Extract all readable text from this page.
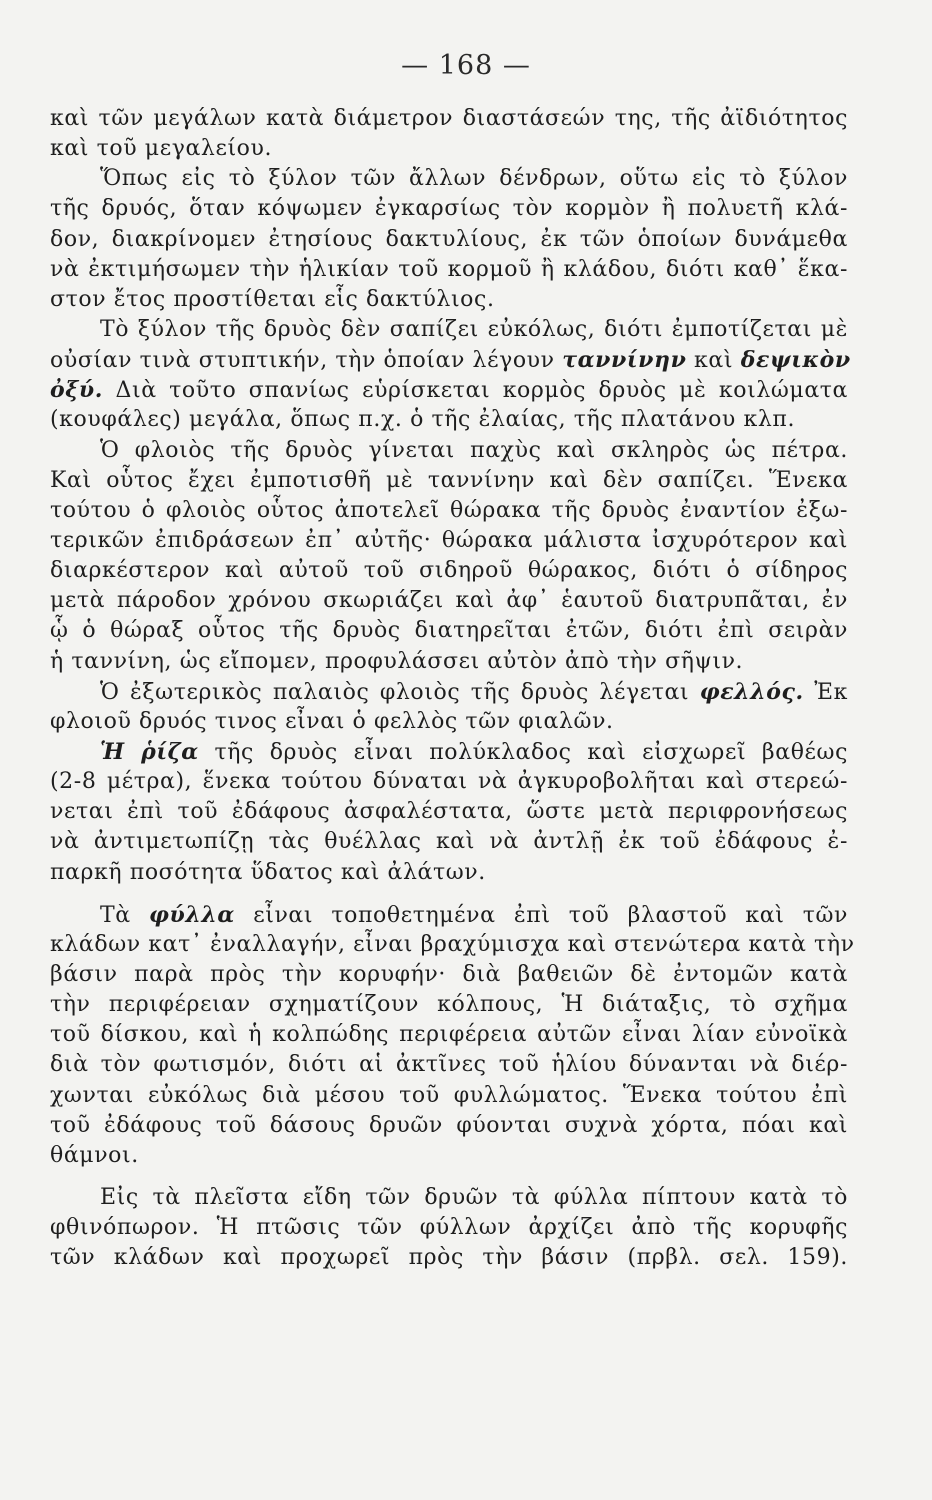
— 168 —
καὶ τῶν μεγάλων κατὰ διάμετρον διαστάσεών της, τῆς ἀϊδιότητος
καὶ τοῦ μεγαλείου.
Ὅπως εἰς τὸ ξύλον τῶν ἄλλων δένδρων, οὕτω εἰς τὸ ξύλον
τῆς δρυός, ὅταν κόψωμεν ἐγκαρσίως τὸν κορμὸν ἢ πολυετῆ κλά-
δον, διακρίνομεν ἐτησίους δακτυλίους, ἐκ τῶν ὁποίων δυνάμεθα
νὰ ἐκτιμήσωμεν τὴν ἡλικίαν τοῦ κορμοῦ ἢ κλάδου, διότι καθ᾿ ἕκα-
στον ἔτος προστίθεται εἷς δακτύλιος.
Τὸ ξύλον τῆς δρυὸς δὲν σαπίζει εὐκόλως, διότι ἐμποτίζεται μὲ
οὐσίαν τινὰ στυπτικήν, τὴν ὁποίαν λέγουν ταννίνην καὶ δεψικὸν
ὀξύ. Διὰ τοῦτο σπανίως εὑρίσκεται κορμὸς δρυὸς μὲ κοιλώματα
(κουφάλες) μεγάλα, ὅπως π.χ. ὁ τῆς ἐλαίας, τῆς πλατάνου κλπ.
Ὁ φλοιὸς τῆς δρυὸς γίνεται παχὺς καὶ σκληρὸς ὡς πέτρα.
Καὶ οὗτος ἔχει ἐμποτισθῆ μὲ ταννίνην καὶ δὲν σαπίζει. Ἕνεκα
τούτου ὁ φλοιὸς οὗτος ἀποτελεῖ θώρακα τῆς δρυὸς ἐναντίον ἐξω-
τερικῶν ἐπιδράσεων ἐπ᾿ αὐτῆς· θώρακα μάλιστα ἰσχυρότερον καὶ
διαρκέστερον καὶ αὐτοῦ τοῦ σιδηροῦ θώρακος, διότι ὁ σίδηρος
μετὰ πάροδον χρόνου σκωριάζει καὶ ἀφ᾿ ἑαυτοῦ διατρυπᾶται, ἐν
ᾧ ὁ θώραξ οὗτος τῆς δρυὸς διατηρεῖται ἐτῶν, διότι ἐπὶ σειρὰν
ἡ ταννίνη, ὡς εἴπομεν, προφυλάσσει αὐτὸν ἀπὸ τὴν σῆψιν.
Ὁ ἐξωτερικὸς παλαιὸς φλοιὸς τῆς δρυὸς λέγεται φελλός. Ἐκ
φλοιοῦ δρυός τινος εἶναι ὁ φελλὸς τῶν φιαλῶν.
Ἡ ῥίζα τῆς δρυὸς εἶναι πολύκλαδος καὶ εἰσχωρεῖ βαθέως
(2-8 μέτρα), ἕνεκα τούτου δύναται νὰ ἀγκυροβολῆται καὶ στερεώ-
νεται ἐπὶ τοῦ ἐδάφους ἀσφαλέστατα, ὥστε μετὰ περιφρονήσεως
νὰ ἀντιμετωπίζῃ τὰς θυέλλας καὶ νὰ ἀντλῇ ἐκ τοῦ ἐδάφους ἐ-
παρκῆ ποσότητα ὕδατος καὶ ἀλάτων.
Τὰ φύλλα εἶναι τοποθετημένα ἐπὶ τοῦ βλαστοῦ καὶ τῶν
κλάδων κατ᾿ ἐναλλαγήν, εἶναι βραχύμισχα καὶ στενώτερα κατὰ τὴν
βάσιν παρὰ πρὸς τὴν κορυφήν· διὰ βαθειῶν δὲ ἐντομῶν κατὰ
τὴν περιφέρειαν σχηματίζουν κόλπους, Ἡ διάταξις, τὸ σχῆμα
τοῦ δίσκου, καὶ ἡ κολπώδης περιφέρεια αὐτῶν εἶναι λίαν εὐνοϊκὰ
διὰ τὸν φωτισμόν, διότι αἱ ἀκτῖνες τοῦ ἡλίου δύνανται νὰ διέρ-
χωνται εὐκόλως διὰ μέσου τοῦ φυλλώματος. Ἕνεκα τούτου ἐπὶ
τοῦ ἐδάφους τοῦ δάσους δρυῶν φύονται συχνὰ χόρτα, πόαι καὶ
θάμνοι.
Εἰς τὰ πλεῖστα εἴδη τῶν δρυῶν τὰ φύλλα πίπτουν κατὰ τὸ
φθινόπωρον. Ἡ πτῶσις τῶν φύλλων ἀρχίζει ἀπὸ τῆς κορυφῆς
τῶν κλάδων καὶ προχωρεῖ πρὸς τὴν βάσιν (πρβλ. σελ. 159).
